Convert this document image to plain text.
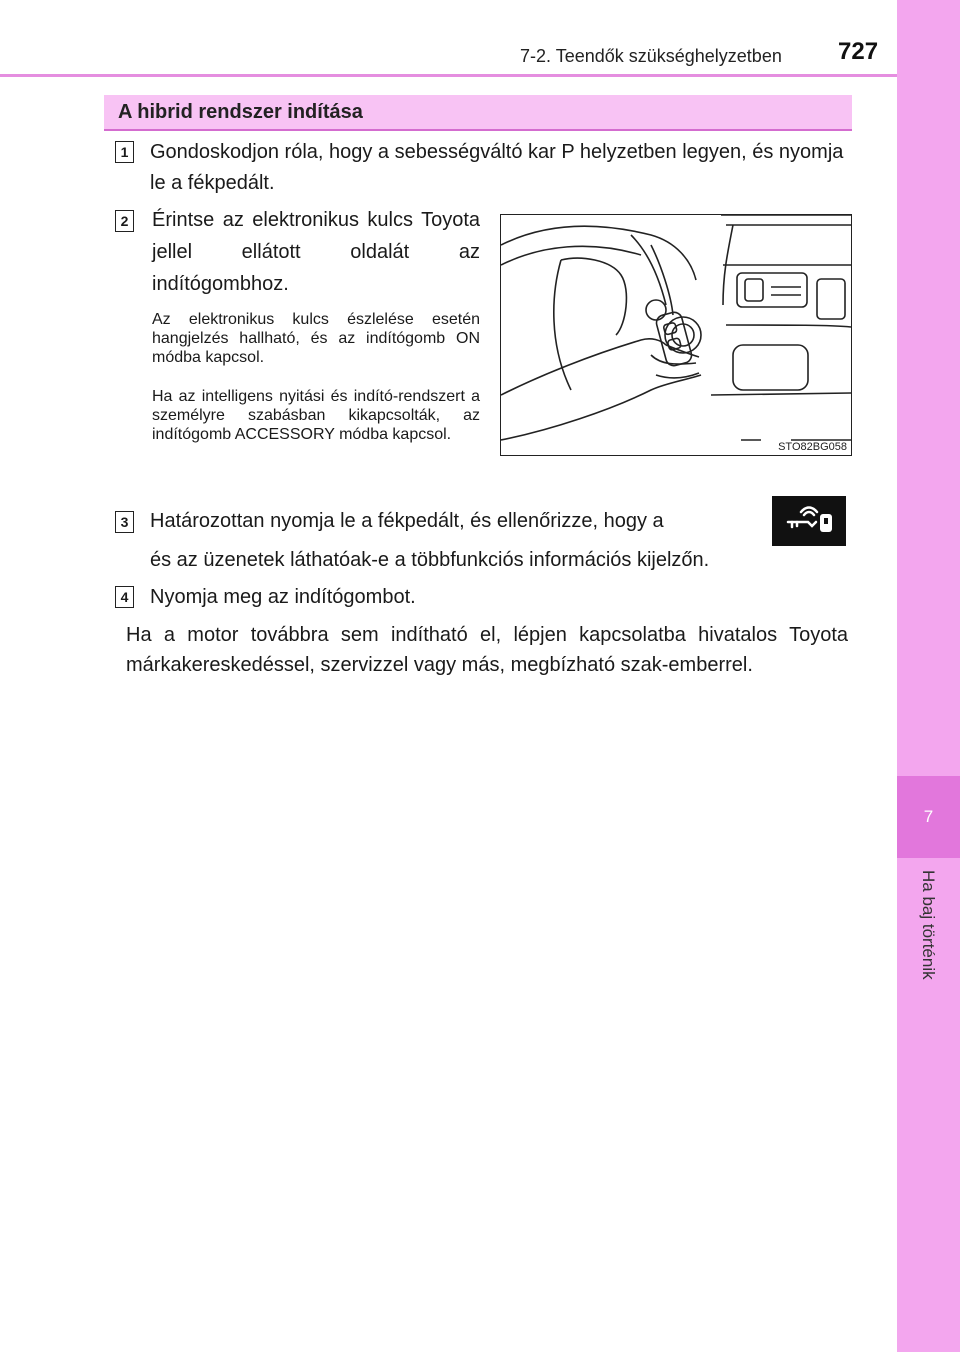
7
Ha baj történik
7-2. Teendők szükséghelyzetben 727
A hibrid rendszer indítása
1 Gondoskodjon róla, hogy a sebességváltó kar P helyzetben legyen, és nyomja le a fékpedált.
2 Érintse az elektronikus kulcs Toyota jellel ellátott oldalát az indítógombhoz.
Az elektronikus kulcs észlelése esetén hangjelzés hallható, és az indítógomb ON módba kapcsol.
Ha az intelligens nyitási és indító-rendszert a személyre szabásban kikapcsolták, az indítógomb ACCESSORY módba kapcsol.
STO82BG058
3 Határozottan nyomja le a fékpedált, és ellenőrizze, hogy a
és az üzenetek láthatóak-e a többfunkciós információs kijelzőn.
4 Nyomja meg az indítógombot.
Ha a motor továbbra sem indítható el, lépjen kapcsolatba hivatalos Toyota márkakereskedéssel, szervizzel vagy más, megbízható szak-emberrel.
